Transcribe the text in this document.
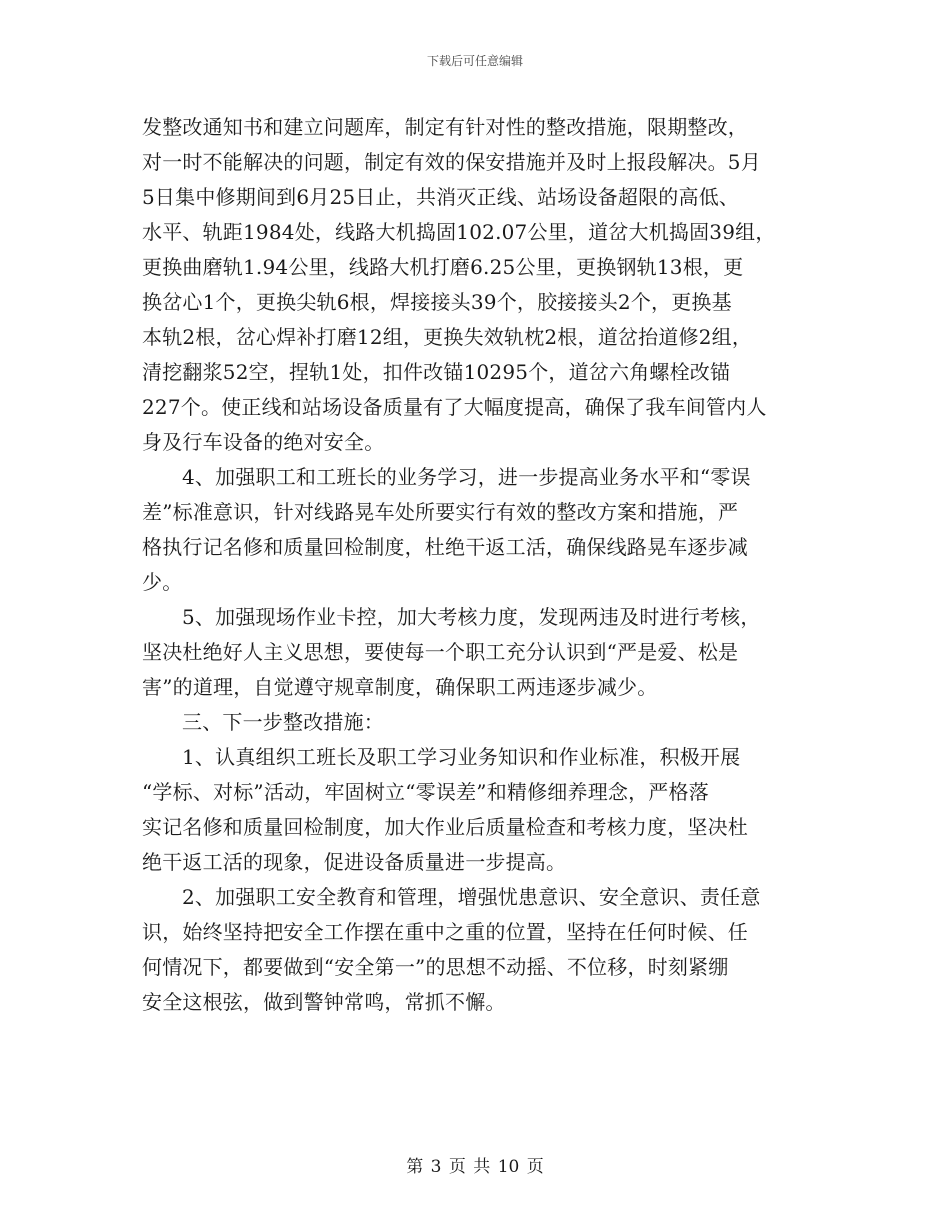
下载后可任意编辑
发整改通知书和建立问题库，制定有针对性的整改措施，限期整改，
对一时不能解决的问题，制定有效的保安措施并及时上报段解决。5月
5日集中修期间到6月25日止，共消灭正线、站场设备超限的高低、
水平、轨距1984处，线路大机捣固102.07公里，道岔大机捣固39组，
更换曲磨轨1.94公里，线路大机打磨6.25公里，更换钢轨13根，更
换岔心1个，更换尖轨6根，焊接接头39个，胶接接头2个，更换基
本轨2根，岔心焊补打磨12组，更换失效轨枕2根，道岔抬道修2组，
清挖翻浆52空，捏轨1处，扣件改锚10295个，道岔六角螺栓改锚
227个。使正线和站场设备质量有了大幅度提高，确保了我车间管内人
身及行车设备的绝对安全。
4、加强职工和工班长的业务学习，进一步提高业务水平和“零误
差”标准意识，针对线路晃车处所要实行有效的整改方案和措施，严
格执行记名修和质量回检制度，杜绝干返工活，确保线路晃车逐步减
少。
5、加强现场作业卡控，加大考核力度，发现两违及时进行考核，
坚决杜绝好人主义思想，要使每一个职工充分认识到“严是爱、松是
害”的道理，自觉遵守规章制度，确保职工两违逐步减少。
三、下一步整改措施：
1、认真组织工班长及职工学习业务知识和作业标准，积极开展
“学标、对标”活动，牢固树立“零误差”和精修细养理念，严格落
实记名修和质量回检制度，加大作业后质量检查和考核力度，坚决杜
绝干返工活的现象，促进设备质量进一步提高。
2、加强职工安全教育和管理，增强忧患意识、安全意识、责任意
识，始终坚持把安全工作摆在重中之重的位置，坚持在任何时候、任
何情况下，都要做到“安全第一”的思想不动摇、不位移，时刻紧绷
安全这根弦，做到警钟常鸣，常抓不懈。
第 3 页 共 10 页
